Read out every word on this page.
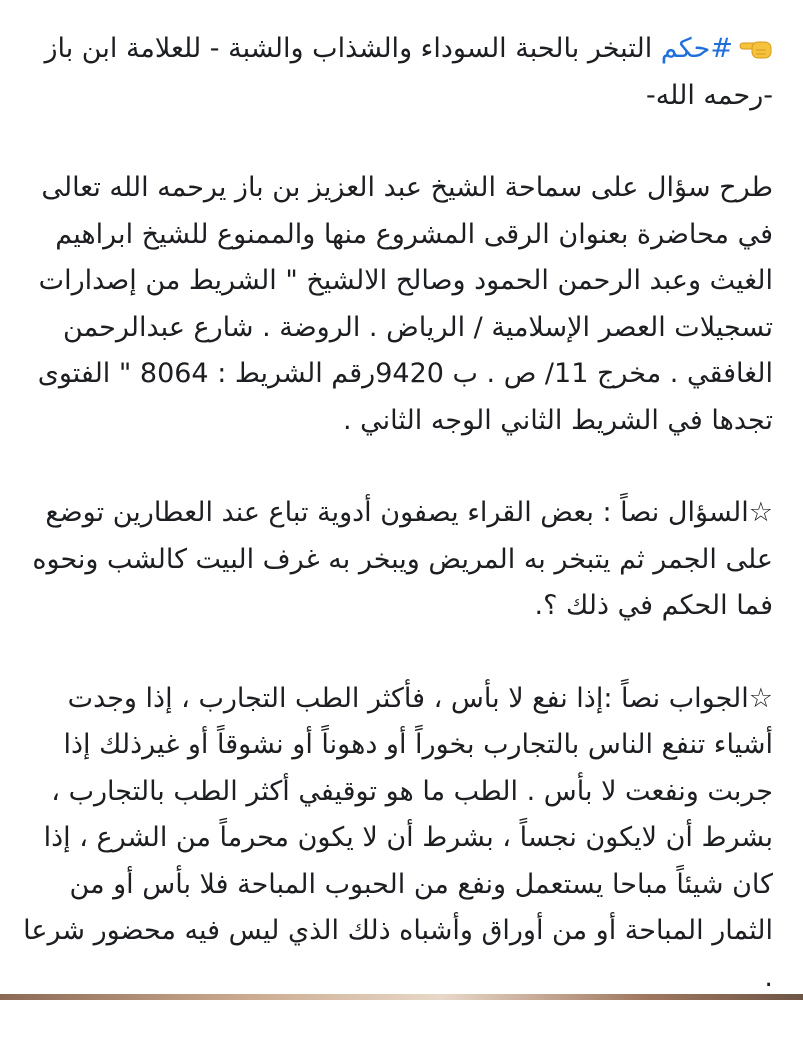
#حكم التبخر بالحبة السوداء والشذاب والشبة - للعلامة ابن باز -رحمه الله-

طرح سؤال على سماحة الشيخ عبد العزيز بن باز يرحمه الله تعالى في محاضرة بعنوان الرقى المشروع منها والممنوع للشيخ ابراهيم الغيث وعبد الرحمن الحمود وصالح الالشيخ " الشريط من إصدارات تسجيلات العصر الإسلامية / الرياض . الروضة . شارع عبدالرحمن الغافقي . مخرج 11/ ص . ب 9420رقم الشريط : 8064 " الفتوى تجدها في الشريط الثاني الوجه الثاني .

☆السؤال نصاً : بعض القراء يصفون أدوية تباع عند العطارين توضع على الجمر ثم يتبخر به المريض ويبخر به غرف البيت كالشب ونحوه فما الحكم في ذلك ؟.

☆الجواب نصاً :إذا نفع لا بأس ، فأكثر الطب التجارب ، إذا وجدت أشياء تنفع الناس بالتجارب بخوراً أو دهوناً أو نشوقاً أو غيرذلك إذا جربت ونفعت لا بأس . الطب ما هو توقيفي أكثر الطب بالتجارب ، بشرط أن لايكون نجساً ، بشرط أن لا يكون محرماً من الشرع ، إذا كان شيئاً مباحا يستعمل ونفع من الحبوب المباحة فلا بأس أو من الثمار المباحة أو من أوراق وأشباه ذلك الذي ليس فيه محضور شرعا .
